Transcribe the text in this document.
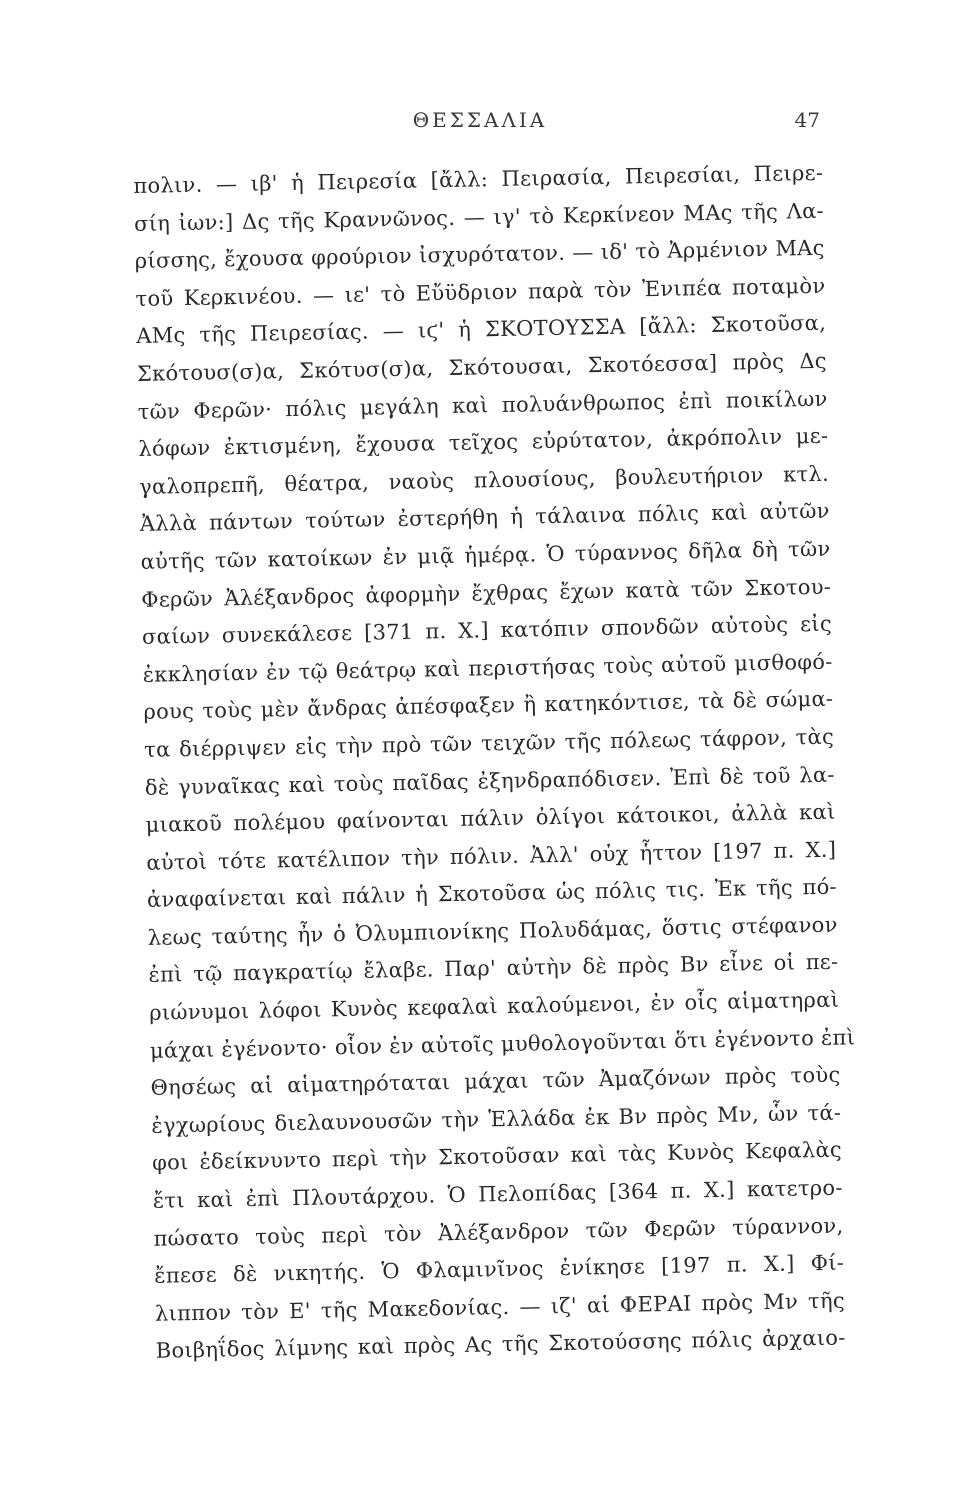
ΘΕΣΣΑΛΙΑ	47
πολιν. — ιβ' ἡ Πειρεσία [ἄλλ: Πειρασία, Πειρεσίαι, Πειρε-
σίη ἰων:] Δς τῆς Κραννῶνος. — ιγ' τὸ Κερκίνεον ΜΑς τῆς Λα-
ρίσσης, ἔχουσα φρούριον ἰσχυρότατον. — ιδ' τὸ Ἀρμένιον ΜΑς
τοῦ Κερκινέου. — ιε' τὸ Εὔϋδριον παρὰ τὸν Ἐνιπέα ποταμὸν
ΑΜς τῆς Πειρεσίας. — ιϛ' ἡ ΣΚΟΤΟΥΣΣΑ [ἄλλ: Σκοτοῦσα,
Σκότουσ(σ)α, Σκότυσ(σ)α, Σκότουσαι, Σκοτόεσσα] πρὸς Δς
τῶν Φερῶν· πόλις μεγάλη καὶ πολυάνθρωπος ἐπὶ ποικίλων
λόφων ἐκτισμένη, ἔχουσα τεῖχος εὐρύτατον, ἀκρόπολιν με-
γαλοπρεπῆ, θέατρα, ναοὺς πλουσίους, βουλευτήριον κτλ.
Ἀλλὰ πάντων τούτων ἐστερήθη ἡ τάλαινα πόλις καὶ αὐτῶν
αὐτῆς τῶν κατοίκων ἐν μιᾷ ἡμέρᾳ. Ὁ τύραννος δῆλα δὴ τῶν
Φερῶν Ἀλέξανδρος ἀφορμὴν ἔχθρας ἔχων κατὰ τῶν Σκοτου-
σαίων συνεκάλεσε [371 π. Χ.] κατόπιν σπονδῶν αὐτοὺς εἰς
ἐκκλησίαν ἐν τῷ θεάτρῳ καὶ περιστήσας τοὺς αὐτοῦ μισθοφό-
ρους τοὺς μὲν ἄνδρας ἀπέσφαξεν ἢ κατηκόντισε, τὰ δὲ σώμα-
τα διέρριψεν εἰς τὴν πρὸ τῶν τειχῶν τῆς πόλεως τάφρον, τὰς
δὲ γυναῖκας καὶ τοὺς παῖδας ἐξηνδραπόδισεν. Ἐπὶ δὲ τοῦ λα-
μιακοῦ πολέμου φαίνονται πάλιν ὀλίγοι κάτοικοι, ἀλλὰ καὶ
αὐτοὶ τότε κατέλιπον τὴν πόλιν. Ἀλλ' οὐχ ἧττον [197 π. Χ.]
ἀναφαίνεται καὶ πάλιν ἡ Σκοτοῦσα ὡς πόλις τις. Ἐκ τῆς πό-
λεως ταύτης ἦν ὁ Ὀλυμπιονίκης Πολυδάμας, ὅστις στέφανον
ἐπὶ τῷ παγκρατίῳ ἔλαβε. Παρ' αὐτὴν δὲ πρὸς Βν εἶνε οἱ πε-
ριώνυμοι λόφοι Κυνὸς κεφαλαὶ καλούμενοι, ἐν οἷς αἱματηραὶ
μάχαι ἐγένοντο· οἷον ἐν αὐτοῖς μυθολογοῦνται ὅτι ἐγένοντο ἐπὶ
Θησέως αἱ αἱματηρόταται μάχαι τῶν Ἀμαζόνων πρὸς τοὺς
ἐγχωρίους διελαυνουσῶν τὴν Ἑλλάδα ἐκ Βν πρὸς Μν, ὧν τά-
φοι ἐδείκνυντο περὶ τὴν Σκοτοῦσαν καὶ τὰς Κυνὸς Κεφαλὰς
ἔτι καὶ ἐπὶ Πλουτάρχου. Ὁ Πελοπίδας [364 π. Χ.] κατετρο-
πώσατο τοὺς περὶ τὸν Ἀλέξανδρον τῶν Φερῶν τύραννον,
ἔπεσε δὲ νικητής. Ὁ Φλαμινῖνος ἐνίκησε [197 π. Χ.] Φί-
λιππον τὸν Ε' τῆς Μακεδονίας. — ιζ' αἱ ΦΕΡΑΙ πρὸς Μν τῆς
Βοιβηΐδος λίμνης καὶ πρὸς Ας τῆς Σκοτούσσης πόλις ἀρχαιο-
